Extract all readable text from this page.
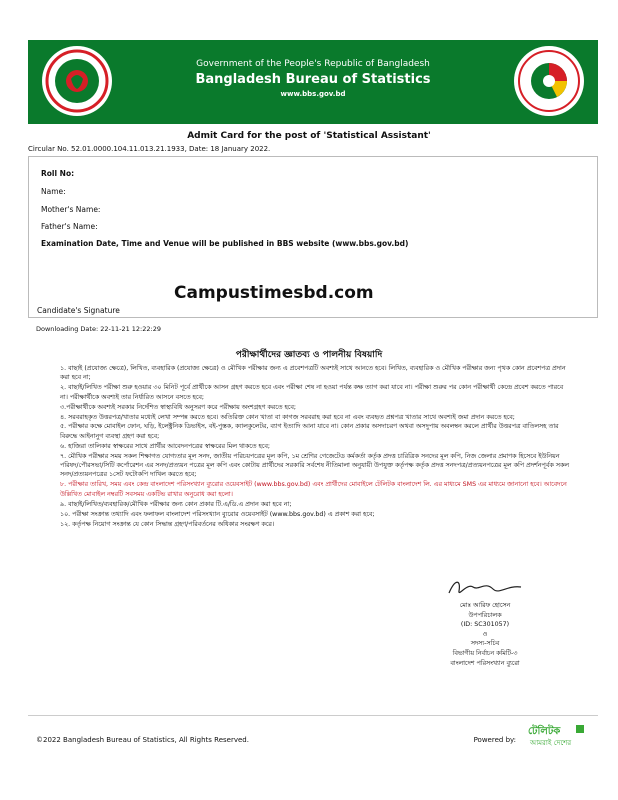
Government of the People's Republic of Bangladesh
Bangladesh Bureau of Statistics
www.bbs.gov.bd
Admit Card for the post of 'Statistical Assistant'
Circular No. 52.01.0000.104.11.013.21.1933, Date: 18 January 2022.
Roll No:
Name:
Mother's Name:
Father's Name:
Examination Date, Time and Venue will be published in BBS website (www.bbs.gov.bd)
Campustimesbd.com
Candidate's Signature
Downloading Date: 22-11-21 12:22:29
পরীক্ষার্থীদের জ্ঞাতব্য ও পালনীয় বিষয়াদি

১. বাছাই (প্রযোজ্য ক্ষেত্রে), লিখিত, ব্যবহারিক (প্রযোজ্য ক্ষেত্রে) ও মৌখিক পরীক্ষার জন্য এ প্রবেশপত্রটি অবশ্যই সাথে আনতে হবে। লিখিত, ব্যবহারিক ও মৌখিক পরীক্ষার জন্য পৃথক কোন প্রবেশপত্র প্রদান করা হবে না;

২. বাছাই/লিখিত পরীক্ষা শুরু হওয়ার ৩০ মিনিট পূর্বে প্রার্থীকে আসন গ্রহণ করতে হবে এবং পরীক্ষা শেষ না হওয়া পর্যন্ত কক্ষ ত্যাগ করা যাবে না। পরীক্ষা শুরুর পর কোন পরীক্ষার্থী কেন্দ্রে প্রবেশ করতে পারবে না। পরীক্ষার্থীকে অবশ্যই তার নির্ধারিত আসনে বসতে হবে;

৩.পরীক্ষার্থীকে অবশ্যই সরকার নির্দেশিত স্বাস্থ্যবিধি অনুসরণ করে পরীক্ষায় অংশগ্রহণ করতে হবে;

৪. সরবরাহকৃত উত্তরপত্র/খাতার মধ্যেই লেখা সম্পন্ন করতে হবে। অতিরিক্ত কোন খাতা বা কাগজ সরবরাহ করা হবে না এবং ব্যবহৃত প্রশ্নপত্র খাতার সাথে অবশ্যই জমা প্রদান করতে হবে;

৫. পরীক্ষার কক্ষে মোবাইল ফোন, ঘড়ি, ইলেক্ট্রনিক ডিভাইস, বই-পুস্তক, ক্যালকুলেটর, ব্যাগ ইত্যাদি আনা যাবে না। কোন প্রকার অসদাচরণ অথবা অসদুপায় অবলম্বন করলে প্রার্থীর উত্তরপত্র বাতিলসহ তার বিরুদ্ধে আইনানুগ ব্যবস্থা গ্রহণ করা হবে;

৬. হাজিরা তালিকার স্বাক্ষরের সাথে প্রার্থীর আবেদনপত্রের স্বাক্ষরের মিল থাকতে হবে;

৭. মৌখিক পরীক্ষার সময় সকল শিক্ষাগত যোগ্যতার মূল সনদ, জাতীয় পরিচয়পত্রের মূল কপি, ১ম শ্রেণির গেজেটেড কর্মকর্তা কর্তৃক প্রদত্ত চারিত্রিক সনদের মূল কপি, নিজ জেলার প্রমাণক হিসেবে ইউনিয়ন পরিষদ/পৌরসভা/সিটি কর্পোরেশন এর সনদ/প্রত্যয়ন পত্রের মূল কপি এবং কোটায় প্রার্থীদের সরকারি সর্বশেষ নীতিমালা অনুযায়ী উপযুক্ত কর্তৃপক্ষ কর্তৃক প্রদত্ত সনদপত্র/প্রত্যয়নপত্রের মূল কপি প্রদর্শনপূর্বক সকল সনদ/প্রত্যয়নপত্রের ১সেট ফটোকপি দাখিল করতে হবে;

৮. পরীক্ষার তারিখ, সময় এবং কেন্দ্র বাংলাদেশ পরিসংখ্যান ব্যুরোর ওয়েবসাইট (www.bbs.gov.bd) এবং প্রার্থীদের মোবাইলে টেলিটক বাংলাদেশ লি. এর মাধ্যমে SMS এর মাধ্যমে জানানো হবে। আবেদনে উল্লিখিত মোবাইল নম্বরটি সবসময় একটিভ রাখার অনুরোধ করা হলো।

৯. বাছাই/লিখিত/ব্যবহারিক/মৌখিক পরীক্ষার জন্য কোন প্রকার টি.এ/ডি.এ প্রদান করা হবে না;

১০. পরীক্ষা সংক্রান্ত তথ্যাদি এবং ফলাফল বাংলাদেশ পরিসংখ্যান ব্যুরোর ওয়েবসাইট (www.bbs.gov.bd) এ প্রকাশ করা হবে;

১২. কর্তৃপক্ষ নিয়োগ সংক্রান্ত যে কোন সিদ্ধান্ত গ্রহণ/পরিবর্তনের অধিকার সংরক্ষণ করে।

মোঃ আরিফ হোসেন
উপপরিচালক
(ID: SC301057)
ও
সদস্য-সচিব
বিভাগীয় নির্বাচন কমিটি-৩
বাংলাদেশ পরিসংখ্যান ব্যুরো
©2022 Bangladesh Bureau of Statistics, All Rights Reserved.	Powered by:
টেলিটক
আমরাই দেশের
